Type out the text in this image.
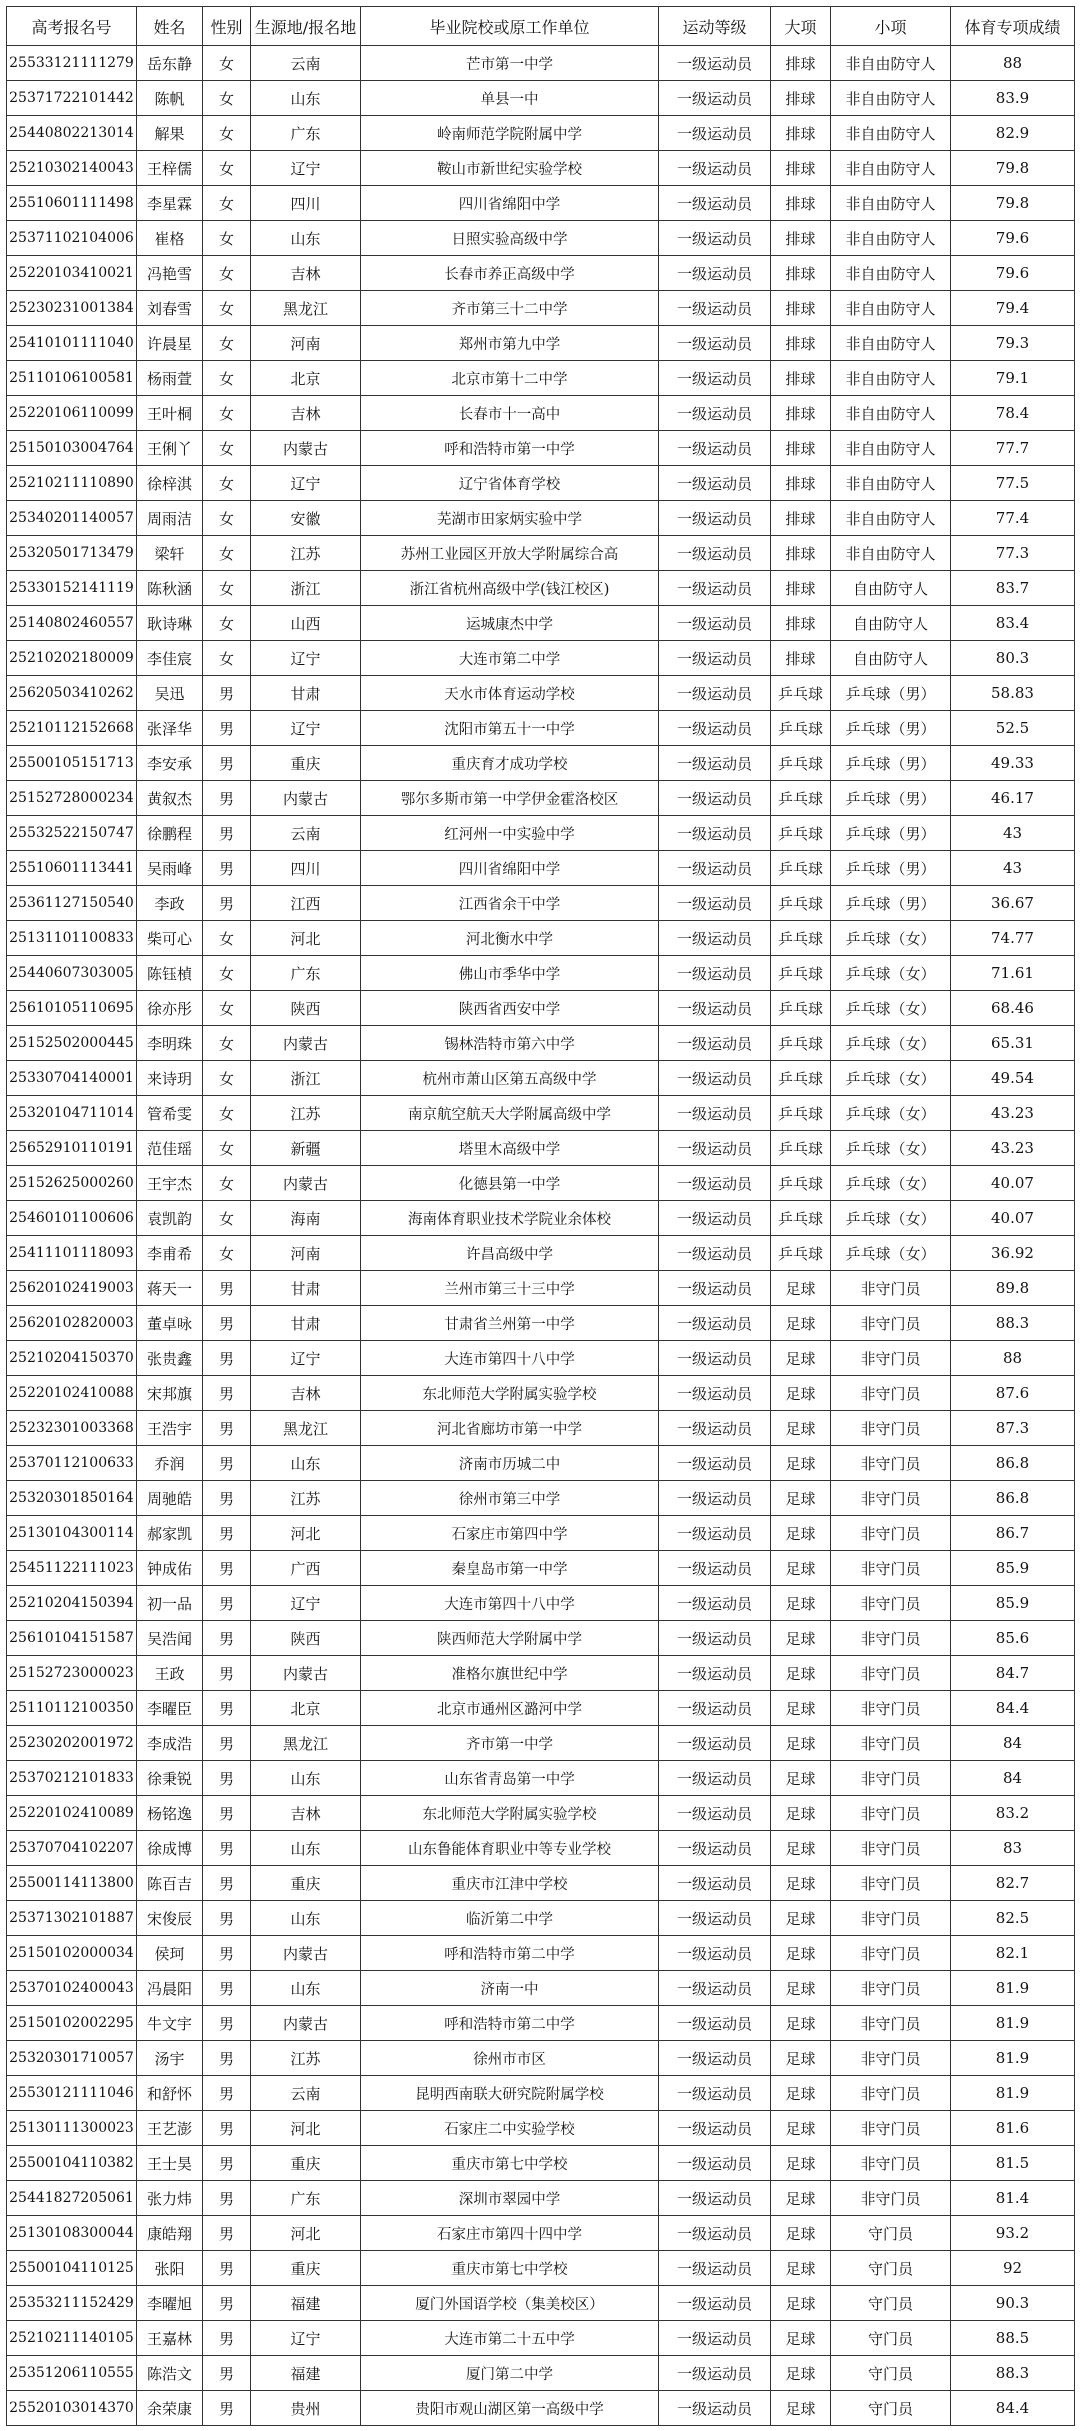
高考报名号	姓名	性别	生源地/报名地	毕业院校或原工作单位	运动等级	大项	小项	体育专项成绩
25533121111279	岳东静	女	云南	芒市第一中学	一级运动员	排球	非自由防守人	88
25371722101442	陈帆	女	山东	单县一中	一级运动员	排球	非自由防守人	83.9
25440802213014	解果	女	广东	岭南师范学院附属中学	一级运动员	排球	非自由防守人	82.9
25210302140043	王梓儒	女	辽宁	鞍山市新世纪实验学校	一级运动员	排球	非自由防守人	79.8
25510601111498	李星霖	女	四川	四川省绵阳中学	一级运动员	排球	非自由防守人	79.8
25371102104006	崔格	女	山东	日照实验高级中学	一级运动员	排球	非自由防守人	79.6
25220103410021	冯艳雪	女	吉林	长春市养正高级中学	一级运动员	排球	非自由防守人	79.6
25230231001384	刘春雪	女	黑龙江	齐市第三十二中学	一级运动员	排球	非自由防守人	79.4
25410101111040	许晨星	女	河南	郑州市第九中学	一级运动员	排球	非自由防守人	79.3
25110106100581	杨雨萱	女	北京	北京市第十二中学	一级运动员	排球	非自由防守人	79.1
25220106110099	王叶桐	女	吉林	长春市十一高中	一级运动员	排球	非自由防守人	78.4
25150103004764	王俐丫	女	内蒙古	呼和浩特市第一中学	一级运动员	排球	非自由防守人	77.7
25210211110890	徐梓淇	女	辽宁	辽宁省体育学校	一级运动员	排球	非自由防守人	77.5
25340201140057	周雨洁	女	安徽	芜湖市田家炳实验中学	一级运动员	排球	非自由防守人	77.4
25320501713479	梁轩	女	江苏	苏州工业园区开放大学附属综合高	一级运动员	排球	非自由防守人	77.3
25330152141119	陈秋涵	女	浙江	浙江省杭州高级中学(钱江校区)	一级运动员	排球	自由防守人	83.7
25140802460557	耿诗琳	女	山西	运城康杰中学	一级运动员	排球	自由防守人	83.4
25210202180009	李佳宸	女	辽宁	大连市第二中学	一级运动员	排球	自由防守人	80.3
25620503410262	吴迅	男	甘肃	天水市体育运动学校	一级运动员	乒乓球	乒乓球（男）	58.83
25210112152668	张泽华	男	辽宁	沈阳市第五十一中学	一级运动员	乒乓球	乒乓球（男）	52.5
25500105151713	李安承	男	重庆	重庆育才成功学校	一级运动员	乒乓球	乒乓球（男）	49.33
25152728000234	黄叙杰	男	内蒙古	鄂尔多斯市第一中学伊金霍洛校区	一级运动员	乒乓球	乒乓球（男）	46.17
25532522150747	徐鹏程	男	云南	红河州一中实验中学	一级运动员	乒乓球	乒乓球（男）	43
25510601113441	吴雨峰	男	四川	四川省绵阳中学	一级运动员	乒乓球	乒乓球（男）	43
25361127150540	李政	男	江西	江西省余干中学	一级运动员	乒乓球	乒乓球（男）	36.67
25131101100833	柴可心	女	河北	河北衡水中学	一级运动员	乒乓球	乒乓球（女）	74.77
25440607303005	陈钰楨	女	广东	佛山市季华中学	一级运动员	乒乓球	乒乓球（女）	71.61
25610105110695	徐亦彤	女	陕西	陕西省西安中学	一级运动员	乒乓球	乒乓球（女）	68.46
25152502000445	李明珠	女	内蒙古	锡林浩特市第六中学	一级运动员	乒乓球	乒乓球（女）	65.31
25330704140001	来诗玥	女	浙江	杭州市萧山区第五高级中学	一级运动员	乒乓球	乒乓球（女）	49.54
25320104711014	管希雯	女	江苏	南京航空航天大学附属高级中学	一级运动员	乒乓球	乒乓球（女）	43.23
25652910110191	范佳瑶	女	新疆	塔里木高级中学	一级运动员	乒乓球	乒乓球（女）	43.23
25152625000260	王宇杰	女	内蒙古	化德县第一中学	一级运动员	乒乓球	乒乓球（女）	40.07
25460101100606	袁凯韵	女	海南	海南体育职业技术学院业余体校	一级运动员	乒乓球	乒乓球（女）	40.07
25411101118093	李甫希	女	河南	许昌高级中学	一级运动员	乒乓球	乒乓球（女）	36.92
25620102419003	蒋天一	男	甘肃	兰州市第三十三中学	一级运动员	足球	非守门员	89.8
25620102820003	董卓咏	男	甘肃	甘肃省兰州第一中学	一级运动员	足球	非守门员	88.3
25210204150370	张贵鑫	男	辽宁	大连市第四十八中学	一级运动员	足球	非守门员	88
25220102410088	宋邦旗	男	吉林	东北师范大学附属实验学校	一级运动员	足球	非守门员	87.6
25232301003368	王浩宇	男	黑龙江	河北省廊坊市第一中学	一级运动员	足球	非守门员	87.3
25370112100633	乔润	男	山东	济南市历城二中	一级运动员	足球	非守门员	86.8
25320301850164	周驰皓	男	江苏	徐州市第三中学	一级运动员	足球	非守门员	86.8
25130104300114	郝家凯	男	河北	石家庄市第四中学	一级运动员	足球	非守门员	86.7
25451122111023	钟成佑	男	广西	秦皇岛市第一中学	一级运动员	足球	非守门员	85.9
25210204150394	初一品	男	辽宁	大连市第四十八中学	一级运动员	足球	非守门员	85.9
25610104151587	吴浩闻	男	陕西	陕西师范大学附属中学	一级运动员	足球	非守门员	85.6
25152723000023	王政	男	内蒙古	准格尔旗世纪中学	一级运动员	足球	非守门员	84.7
25110112100350	李曜臣	男	北京	北京市通州区潞河中学	一级运动员	足球	非守门员	84.4
25230202001972	李成浩	男	黑龙江	齐市第一中学	一级运动员	足球	非守门员	84
25370212101833	徐秉锐	男	山东	山东省青岛第一中学	一级运动员	足球	非守门员	84
25220102410089	杨铭逸	男	吉林	东北师范大学附属实验学校	一级运动员	足球	非守门员	83.2
25370704102207	徐成博	男	山东	山东鲁能体育职业中等专业学校	一级运动员	足球	非守门员	83
25500114113800	陈百吉	男	重庆	重庆市江津中学校	一级运动员	足球	非守门员	82.7
25371302101887	宋俊辰	男	山东	临沂第二中学	一级运动员	足球	非守门员	82.5
25150102000034	侯珂	男	内蒙古	呼和浩特市第二中学	一级运动员	足球	非守门员	82.1
25370102400043	冯晨阳	男	山东	济南一中	一级运动员	足球	非守门员	81.9
25150102002295	牛文宇	男	内蒙古	呼和浩特市第二中学	一级运动员	足球	非守门员	81.9
25320301710057	汤宇	男	江苏	徐州市市区	一级运动员	足球	非守门员	81.9
25530121111046	和舒怀	男	云南	昆明西南联大研究院附属学校	一级运动员	足球	非守门员	81.9
25130111300023	王艺澎	男	河北	石家庄二中实验学校	一级运动员	足球	非守门员	81.6
25500104110382	王士昊	男	重庆	重庆市第七中学校	一级运动员	足球	非守门员	81.5
25441827205061	张力炜	男	广东	深圳市翠园中学	一级运动员	足球	非守门员	81.4
25130108300044	康皓翔	男	河北	石家庄市第四十四中学	一级运动员	足球	守门员	93.2
25500104110125	张阳	男	重庆	重庆市第七中学校	一级运动员	足球	守门员	92
25353211152429	李曜旭	男	福建	厦门外国语学校（集美校区）	一级运动员	足球	守门员	90.3
25210211140105	王嘉林	男	辽宁	大连市第二十五中学	一级运动员	足球	守门员	88.5
25351206110555	陈浩文	男	福建	厦门第二中学	一级运动员	足球	守门员	88.3
25520103014370	余荣康	男	贵州	贵阳市观山湖区第一高级中学	一级运动员	足球	守门员	84.4
